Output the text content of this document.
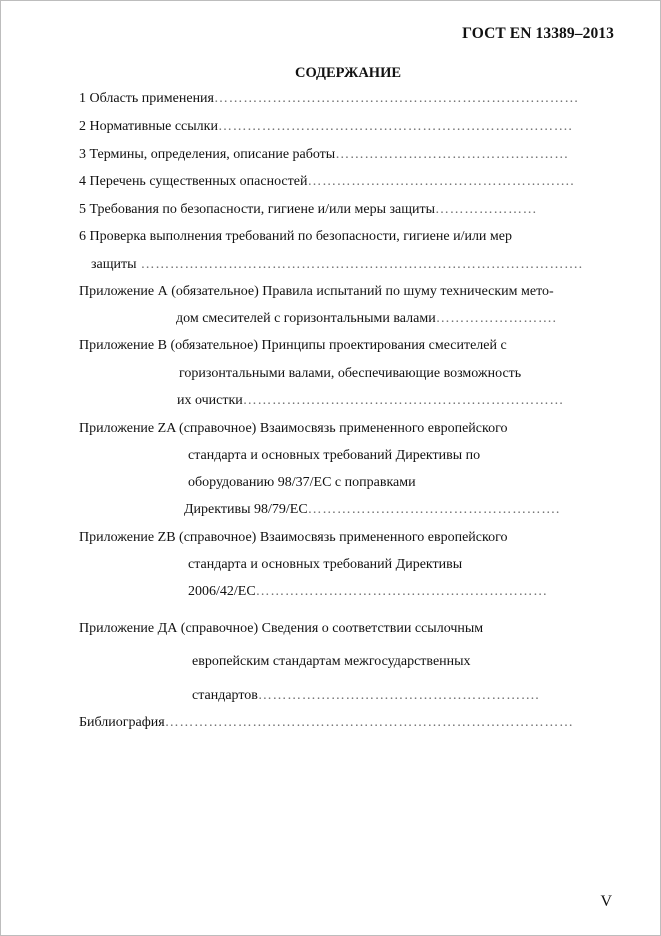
ГОСТ EN 13389–2013
СОДЕРЖАНИЕ
1 Область применения…………………………………………………………………
2 Нормативные ссылки……………………………………………………………….
3 Термины, определения, описание работы…………………………………………
4 Перечень существенных опасностей……………………………………………….
5 Требования по безопасности, гигиене и/или меры защиты…………………
6 Проверка выполнения требований по безопасности, гигиене и/или мер
защиты ……………………………………………………………………………….
Приложение А (обязательное) Правила испытаний по шуму техническим мето-
дом смесителей с горизонтальными валами…………………….
Приложение В (обязательное) Принципы проектирования смесителей с
горизонтальными валами, обеспечивающие возможность
их очистки…………………………………………………………
Приложение ZA (справочное) Взаимосвязь примененного европейского
стандарта и основных требований Директивы по
оборудованию 98/37/ЕС с поправками
Директивы 98/79/ЕС…………………………………………….
Приложение ZB (справочное) Взаимосвязь примененного европейского
стандарта и основных требований Директивы
2006/42/ЕС……………………………………………………
Приложение ДА (справочное) Сведения о соответствии ссылочным
европейским стандартам межгосударственных
стандартов………………………………………………….
Библиография…………………………………………………………………………
V
